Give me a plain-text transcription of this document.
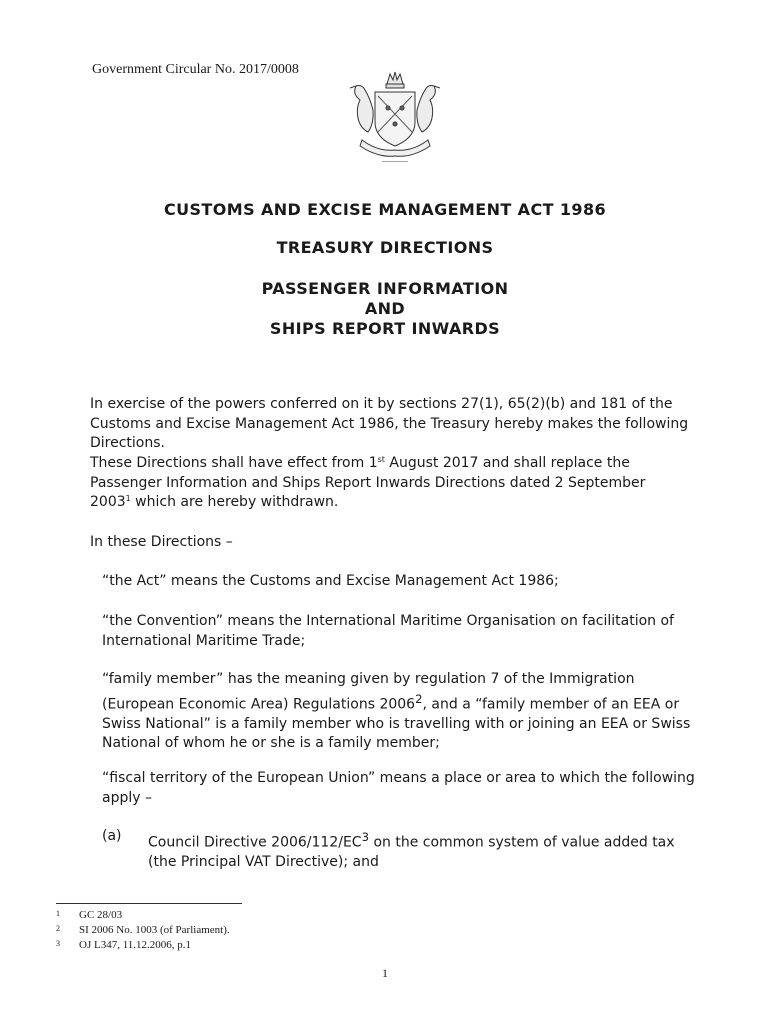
Government Circular No. 2017/0008
CUSTOMS AND EXCISE MANAGEMENT ACT 1986
TREASURY DIRECTIONS
PASSENGER INFORMATION
AND
SHIPS REPORT INWARDS
In exercise of the powers conferred on it by sections 27(1), 65(2)(b) and 181 of the Customs and Excise Management Act 1986, the Treasury hereby makes the following Directions.
These Directions shall have effect from 1st August 2017 and shall replace the Passenger Information and Ships Report Inwards Directions dated 2 September 2003$^1$ which are hereby withdrawn.
In these Directions –
“the Act” means the Customs and Excise Management Act 1986;
“the Convention” means the International Maritime Organisation on facilitation of International Maritime Trade;
“family member” has the meaning given by regulation 7 of the Immigration (European Economic Area) Regulations 2006$^2$, and a “family member of an EEA or Swiss National” is a family member who is travelling with or joining an EEA or Swiss National of whom he or she is a family member;
“fiscal territory of the European Union” means a place or area to which the following apply –
(a) Council Directive $2006/112/EC^3$ on the common system of value added tax (the Principal VAT Directive); and
1 GC 28/03
2 SI 2006 No. 1003 (of Parliament).
3 OJ L347, 11.12.2006, p.1
1
